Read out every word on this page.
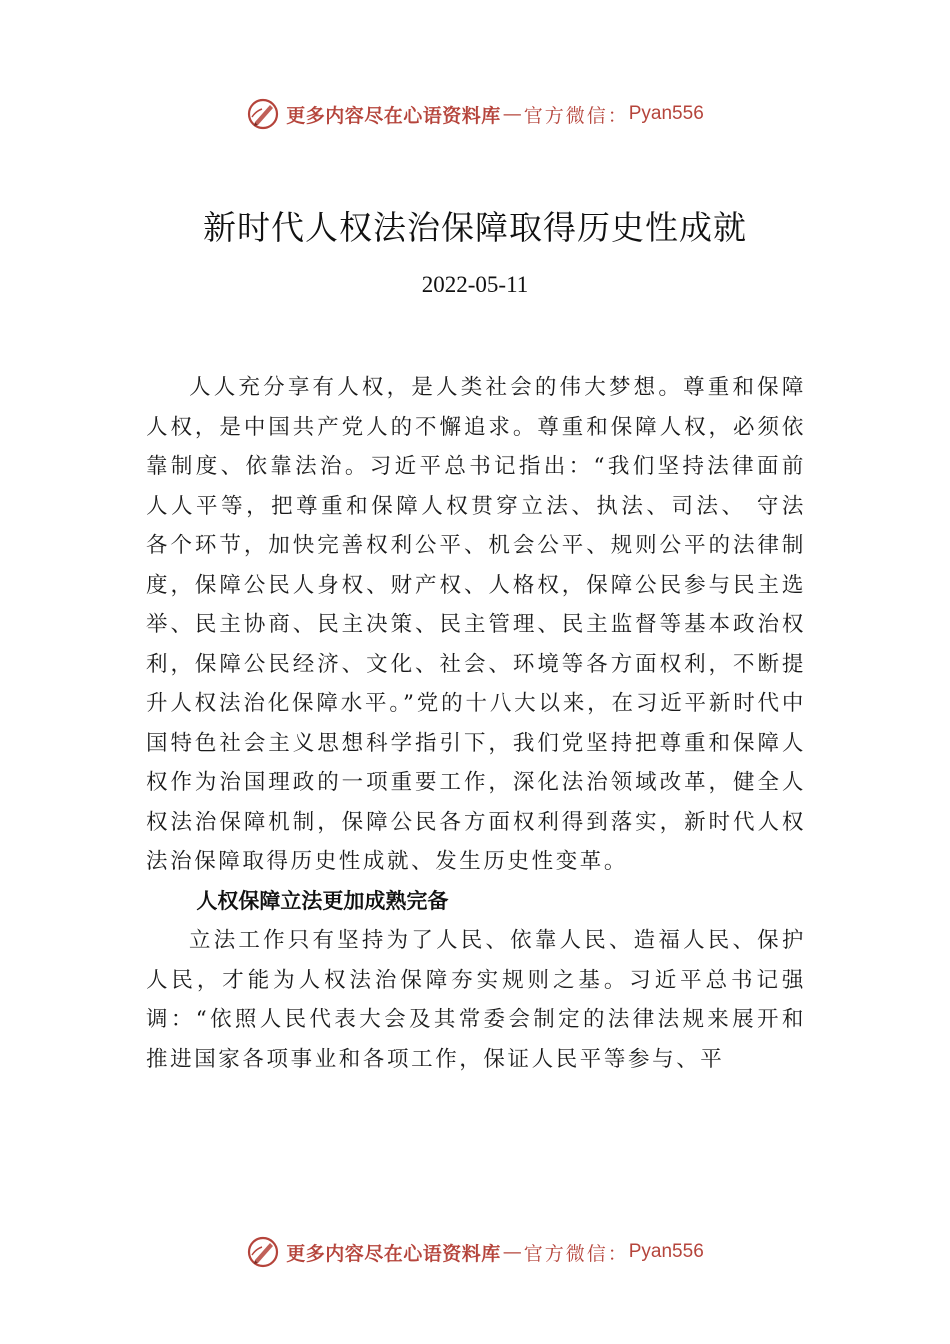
更多内容尽在心语资料库 — 官方微信： Pyan556
新时代人权法治保障取得历史性成就
2022-05-11

人人充分享有人权，是人类社会的伟大梦想。尊重和保障人权，是中国共产党人的不懈追求。尊重和保障人权，必须依靠制度、依靠法治。习近平总书记指出：“我们坚持法律面前人人平等，把尊重和保障人权贯穿立法、执法、司法、 守法各个环节，加快完善权利公平、机会公平、规则公平的法律制度，保障公民人身权、财产权、人格权，保障公民参与民主选举、民主协商、民主决策、民主管理、民主监督等基本政治权利，保障公民经济、文化、社会、环境等各方面权利，不断提升人权法治化保障水平。”党的十八大以来，在习近平新时代中国特色社会主义思想科学指引下，我们党坚持把尊重和保障人权作为治国理政的一项重要工作，深化法治领域改革，健全人权法治保障机制，保障公民各方面权利得到落实，新时代人权法治保障取得历史性成就、发生历史性变革。

人权保障立法更加成熟完备

立法工作只有坚持为了人民、依靠人民、造福人民、保护人民，才能为人权法治保障夯实规则之基。习近平总书记强调：“依照人民代表大会及其常委会制定的法律法规来展开和推进国家各项事业和各项工作，保证人民平等参与、平

更多内容尽在心语资料库 — 官方微信： Pyan556
